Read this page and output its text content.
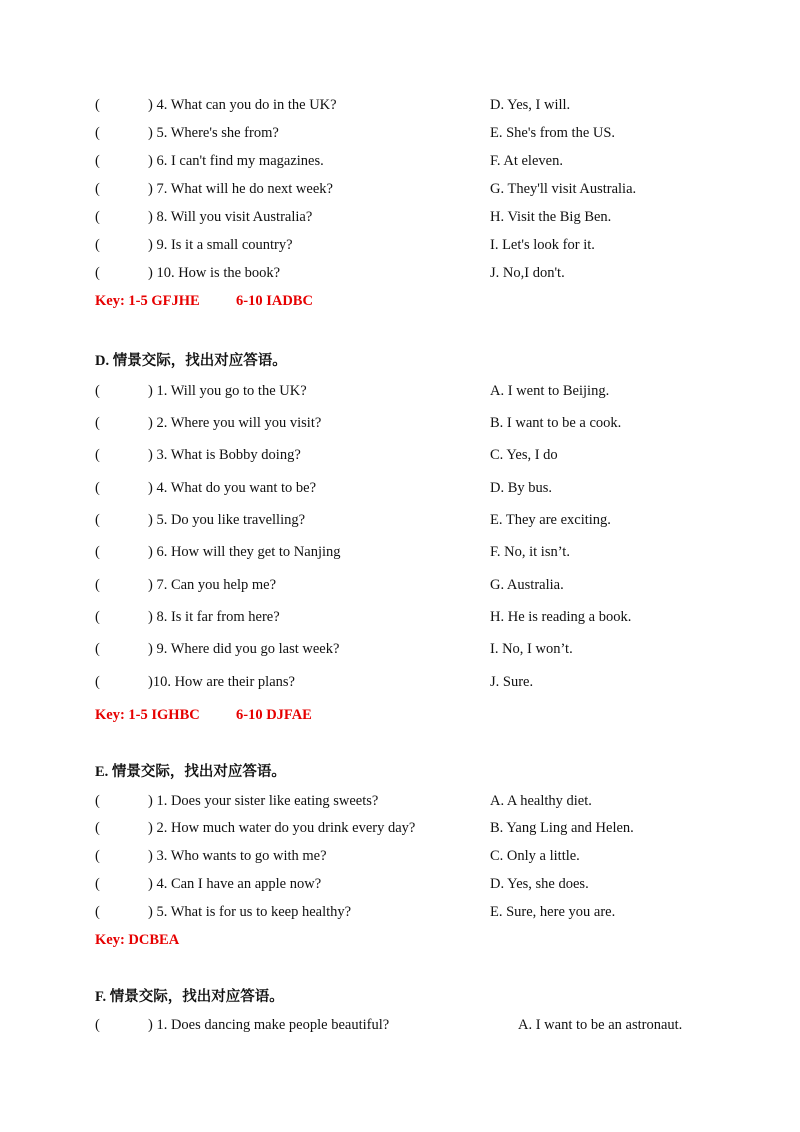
(	) 4. What can you do in the UK?	D. Yes, I will.
(	) 5. Where's she from?	E. She's from the US.
(	) 6. I can't find my magazines.	F. At eleven.
(	) 7. What will he do next week?	G. They'll visit Australia.
(	) 8. Will you visit Australia?	H. Visit the Big Ben.
(	) 9. Is it a small country?	I. Let's look for it.
(	) 10. How is the book?	J. No,I don't.
Key: 1-5 GFJHE	6-10 IADBC
D. 情景交际，找出对应答语。
(	) 1. Will you go to the UK?	A. I went to Beijing.
(	) 2. Where you will you visit?	B. I want to be a cook.
(	) 3. What is Bobby doing?	C. Yes, I do
(	) 4. What do you want to be?	D. By bus.
(	) 5. Do you like travelling?	E. They are exciting.
(	) 6. How will they get to Nanjing	F. No, it isn’t.
(	) 7. Can you help me?	G. Australia.
(	) 8. Is it far from here?	H. He is reading a book.
(	) 9. Where did you go last week?	I. No, I won’t.
(	)10. How are their plans?	J. Sure.
Key: 1-5 IGHBC	6-10 DJFAE
E. 情景交际，找出对应答语。
(	) 1. Does your sister like eating sweets?	A. A healthy diet.
(	) 2. How much water do you drink every day?	B. Yang Ling and Helen.
(	) 3. Who wants to go with me?	C. Only a little.
(	) 4. Can I have an apple now?	D. Yes, she does.
(	) 5. What is for us to keep healthy?	E. Sure, here you are.
Key: DCBEA
F. 情景交际，找出对应答语。
(	) 1. Does dancing make people beautiful?	A. I want to be an astronaut.
